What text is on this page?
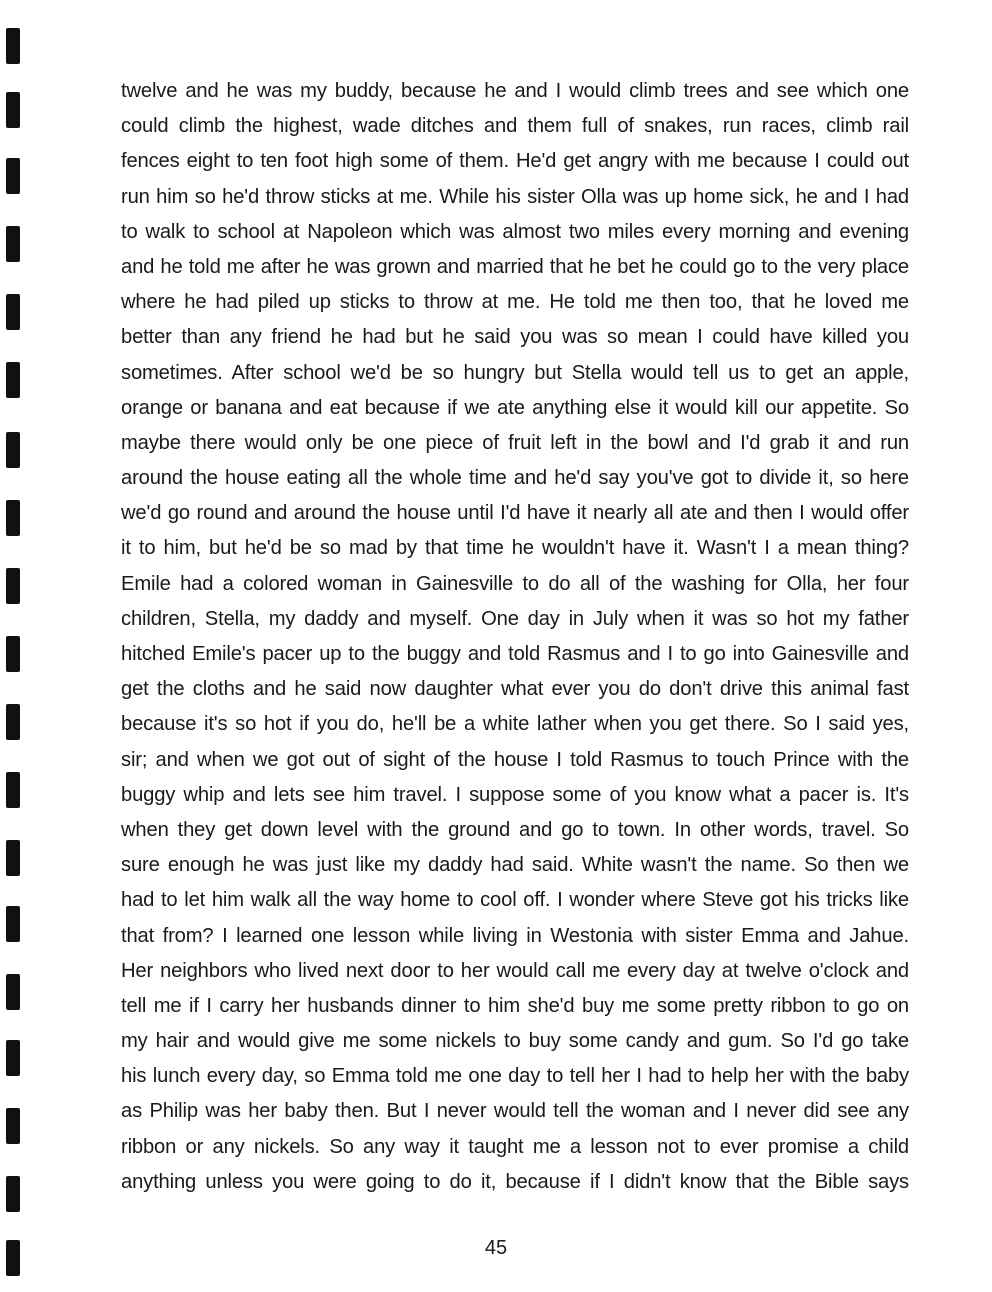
twelve and he was my buddy, because he and I would climb trees and see which one
could climb the highest, wade ditches and them full of snakes, run races, climb rail
fences eight to ten foot high some of them. He'd get angry with me because I could out
run him so he'd throw sticks at me. While his sister Olla was up home sick, he and I had
to walk to school at Napoleon which was almost two miles every morning and evening
and he told me after he was grown and married that he bet he could go to the very place
where he had piled up sticks to throw at me. He told me then too, that he loved me
better than any friend he had but he said you was so mean I could have killed you
sometimes. After school we'd be so hungry but Stella would tell us to get an apple,
orange or banana and eat because if we ate anything else it would kill our appetite. So
maybe there would only be one piece of fruit left in the bowl and I'd grab it and run
around the house eating all the whole time and he'd say you've got to divide it, so here
we'd go round and around the house until I'd have it nearly all ate and then I would offer
it to him, but he'd be so mad by that time he wouldn't have it. Wasn't I a mean thing?
Emile had a colored woman in Gainesville to do all of the washing for Olla, her four
children, Stella, my daddy and myself. One day in July when it was so hot my father
hitched Emile's pacer up to the buggy and told Rasmus and I to go into Gainesville and
get the cloths and he said now daughter what ever you do don't drive this animal fast
because it's so hot if you do, he'll be a white lather when you get there. So I said yes,
sir; and when we got out of sight of the house I told Rasmus to touch Prince with the
buggy whip and lets see him travel. I suppose some of you know what a pacer is. It's
when they get down level with the ground and go to town. In other words, travel. So
sure enough he was just like my daddy had said. White wasn't the name. So then we
had to let him walk all the way home to cool off. I wonder where Steve got his tricks like
that from? I learned one lesson while living in Westonia with sister Emma and Jahue.
Her neighbors who lived next door to her would call me every day at twelve o'clock and
tell me if I carry her husbands dinner to him she'd buy me some pretty ribbon to go on
my hair and would give me some nickels to buy some candy and gum. So I'd go take
his lunch every day, so Emma told me one day to tell her I had to help her with the baby
as Philip was her baby then. But I never would tell the woman and I never did see any
ribbon or any nickels. So any way it taught me a lesson not to ever promise a child
anything unless you were going to do it, because if I didn't know that the Bible says
45
